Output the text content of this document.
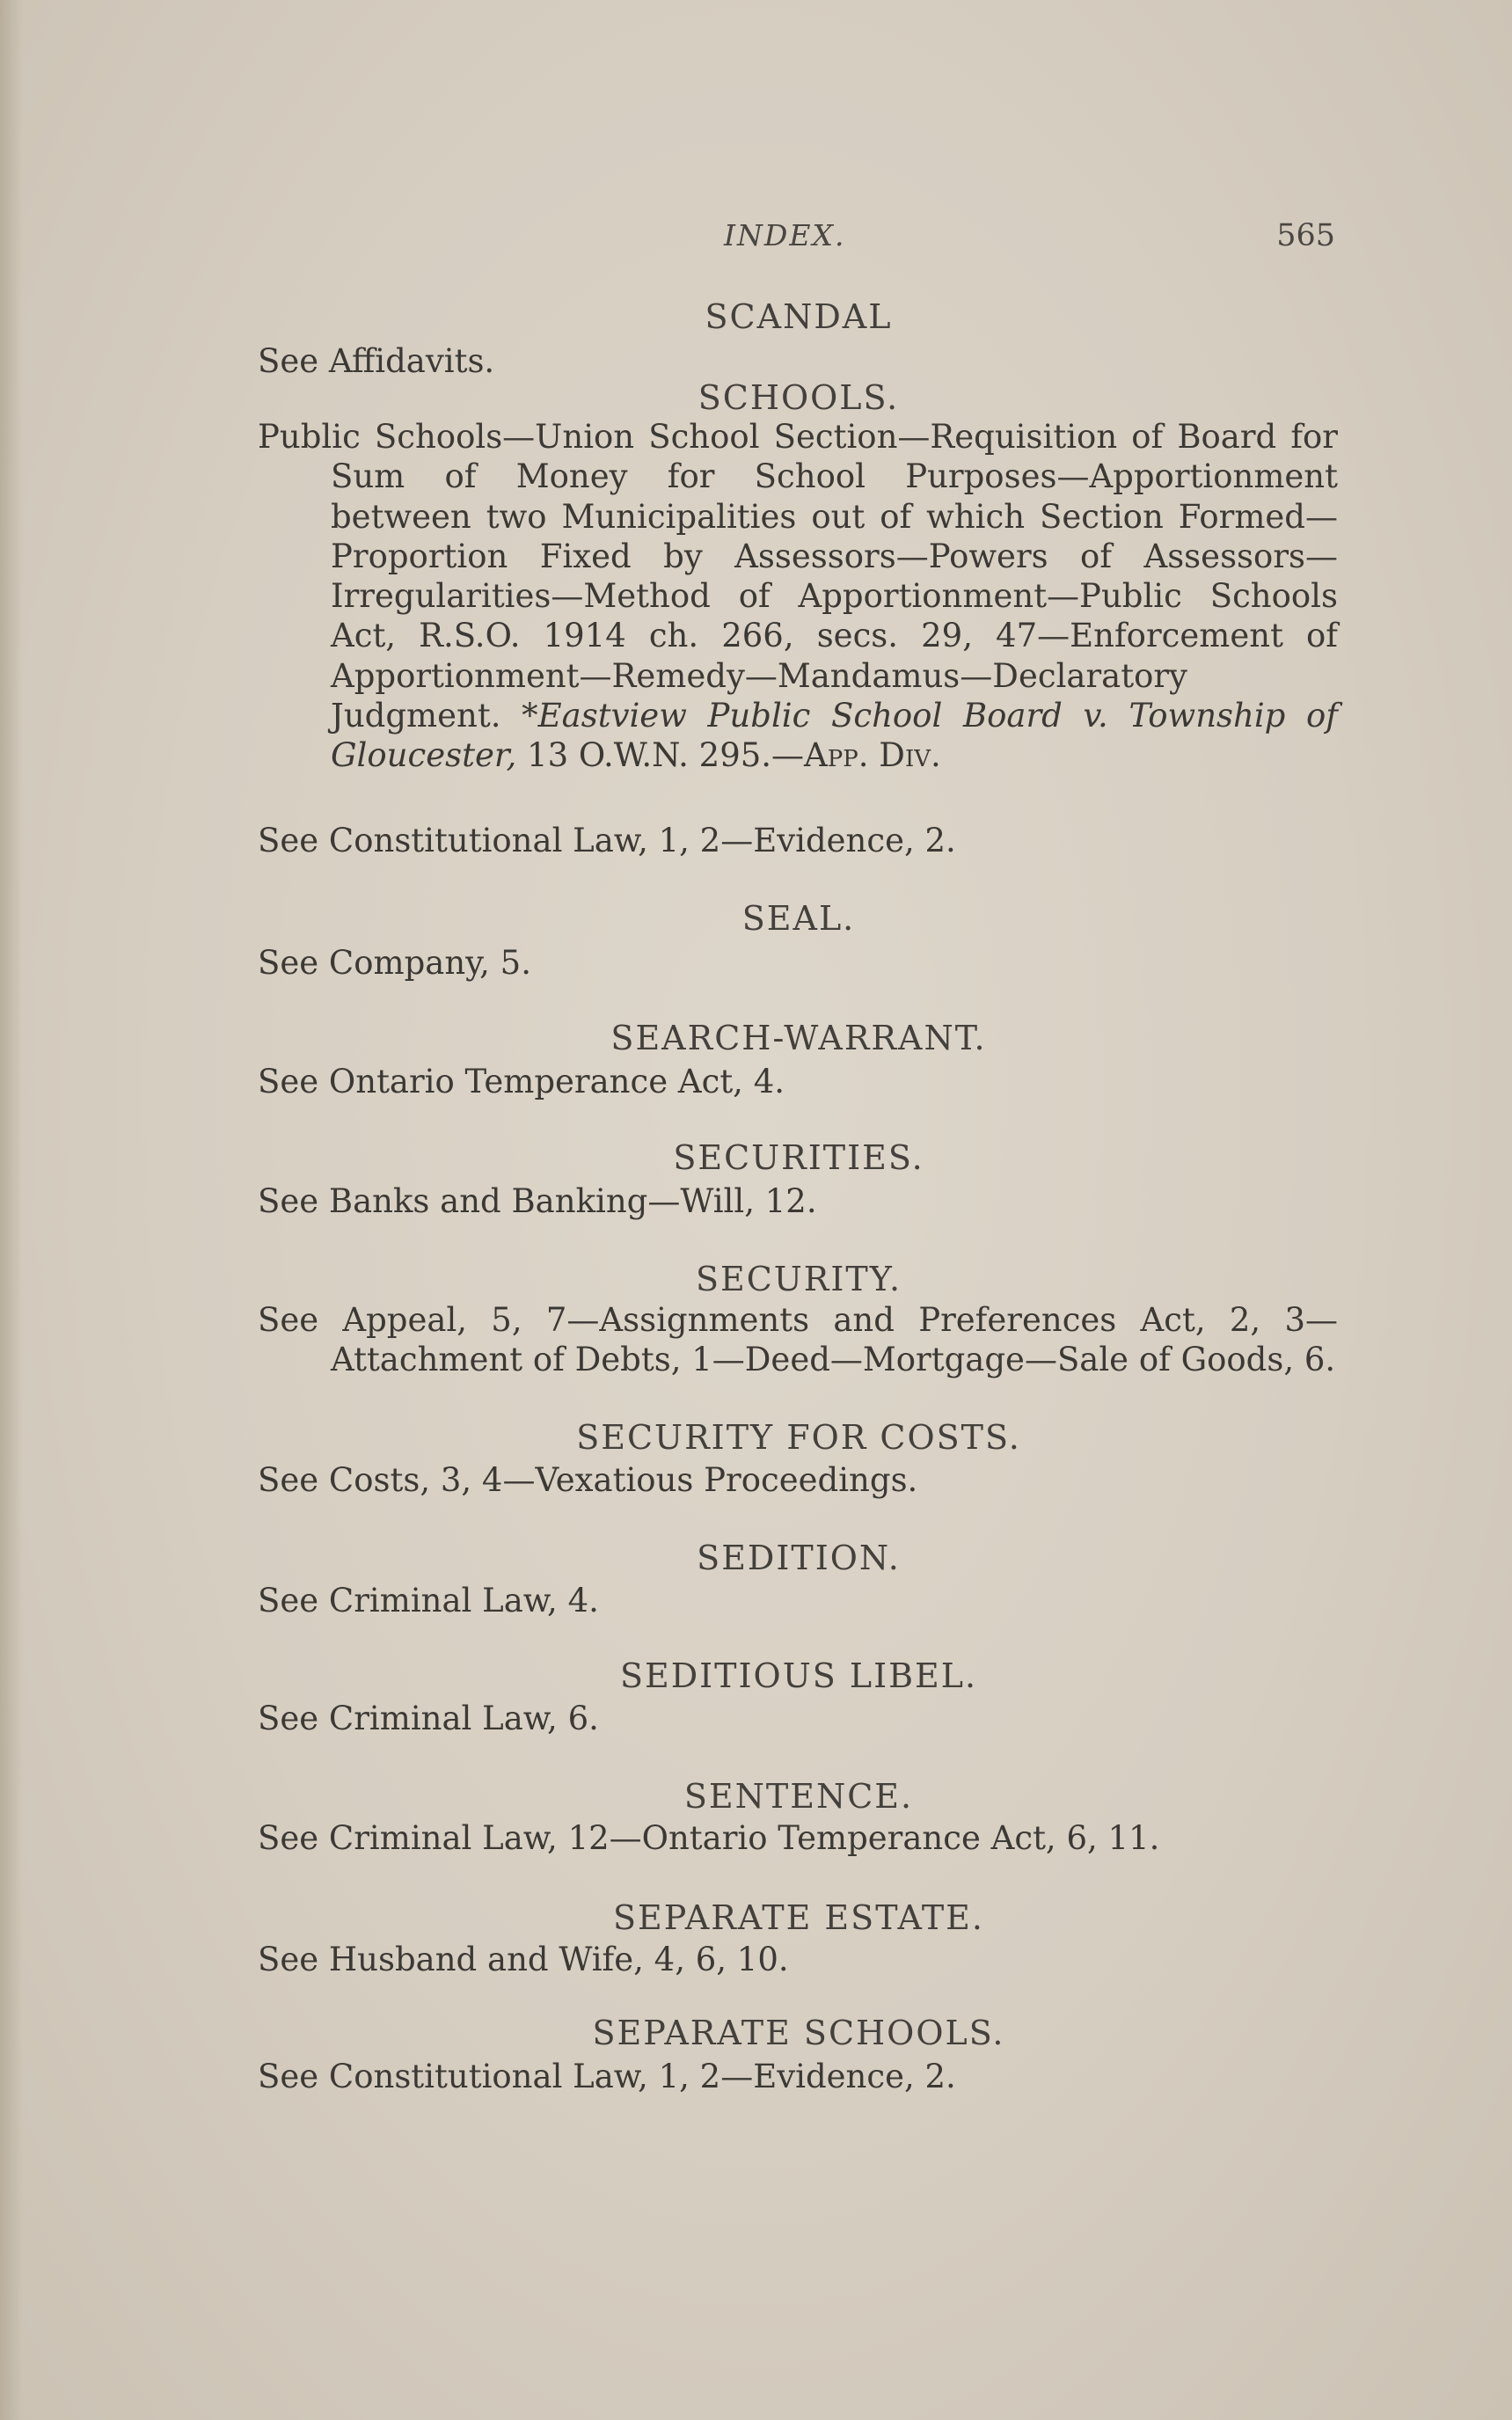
INDEX.	565
SCANDAL
See Affidavits.
SCHOOLS.
Public Schools—Union School Section—Requisition of Board for Sum of Money for School Purposes—Apportionment between two Municipalities out of which Section Formed—Proportion Fixed by Assessors—Powers of Assessors—Irregularities—Method of Apportionment—Public Schools Act, R.S.O. 1914 ch. 266, secs. 29, 47—Enforcement of Apportionment—Remedy—Mandamus—Declaratory Judgment. *Eastview Public School Board v. Township of Gloucester, 13 O.W.N. 295.—App. Div.
See Constitutional Law, 1, 2—Evidence, 2.
SEAL.
See Company, 5.
SEARCH-WARRANT.
See Ontario Temperance Act, 4.
SECURITIES.
See Banks and Banking—Will, 12.
SECURITY.
See Appeal, 5, 7—Assignments and Preferences Act, 2, 3—Attachment of Debts, 1—Deed—Mortgage—Sale of Goods, 6.
SECURITY FOR COSTS.
See Costs, 3, 4—Vexatious Proceedings.
SEDITION.
See Criminal Law, 4.
SEDITIOUS LIBEL.
See Criminal Law, 6.
SENTENCE.
See Criminal Law, 12—Ontario Temperance Act, 6, 11.
SEPARATE ESTATE.
See Husband and Wife, 4, 6, 10.
SEPARATE SCHOOLS.
See Constitutional Law, 1, 2—Evidence, 2.
